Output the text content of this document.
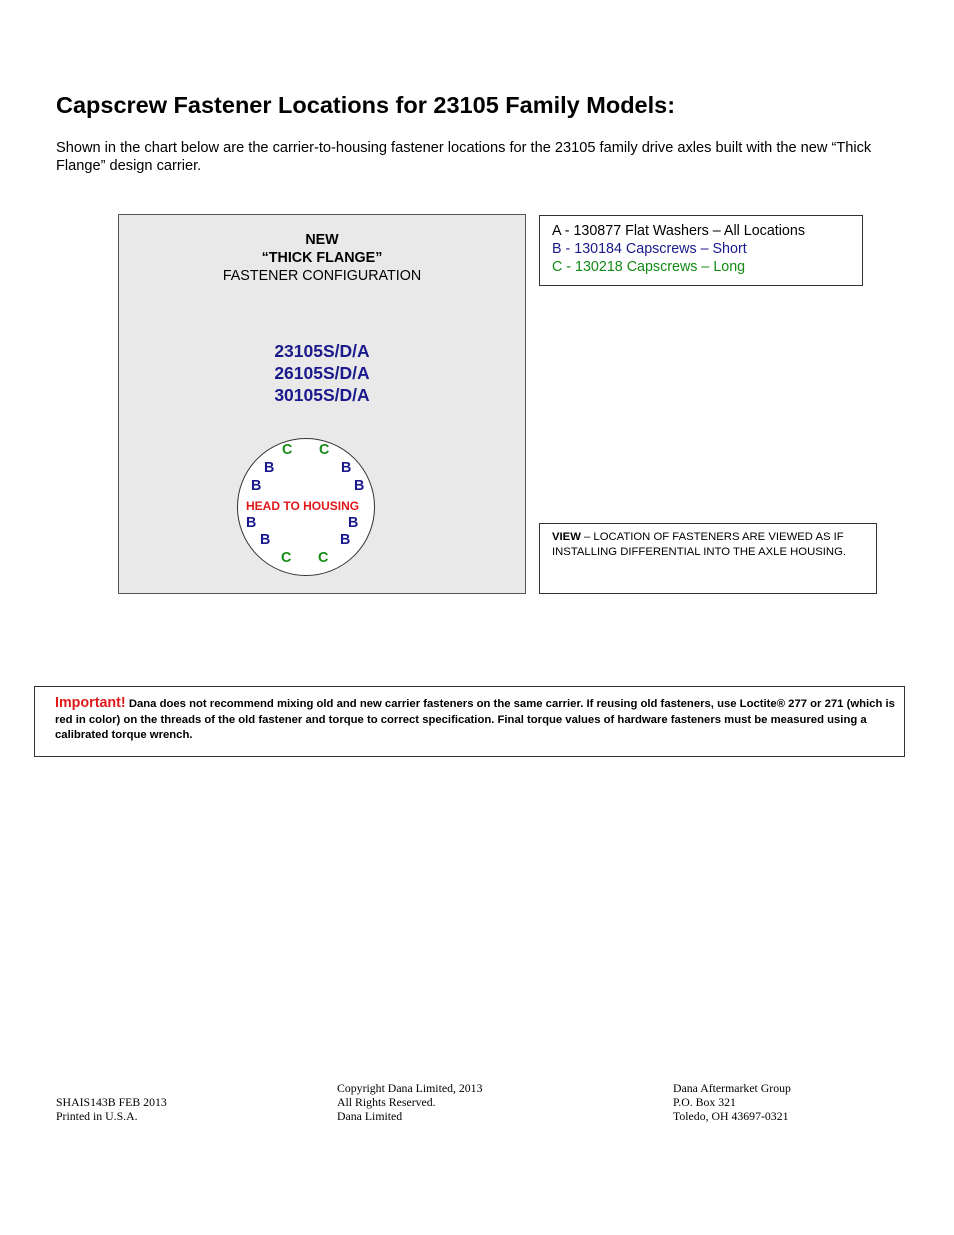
Capscrew Fastener Locations for 23105 Family Models:
Shown in the chart below are the carrier-to-housing fastener locations for the 23105 family drive axles built with the new “Thick Flange” design carrier.
NEW
“THICK FLANGE”
FASTENER CONFIGURATION
23105S/D/A
26105S/D/A
30105S/D/A
C C
B	B
B	B
HEAD TO HOUSING
B	B
B	B
C C
A - 130877 Flat Washers – All Locations
B - 130184 Capscrews – Short
C - 130218 Capscrews – Long
VIEW – LOCATION OF FASTENERS ARE VIEWED AS IF INSTALLING DIFFERENTIAL INTO THE AXLE HOUSING.
Important! Dana does not recommend mixing old and new carrier fasteners on the same carrier. If reusing old fasteners, use Loctite® 277 or 271 (which is red in color) on the threads of the old fastener and torque to correct specification. Final torque values of hardware fasteners must be measured using a calibrated torque wrench.
SHAIS143B FEB 2013
Printed in U.S.A.
Copyright Dana Limited, 2013
All Rights Reserved.
Dana Limited
Dana Aftermarket Group
P.O. Box 321
Toledo, OH 43697-0321
